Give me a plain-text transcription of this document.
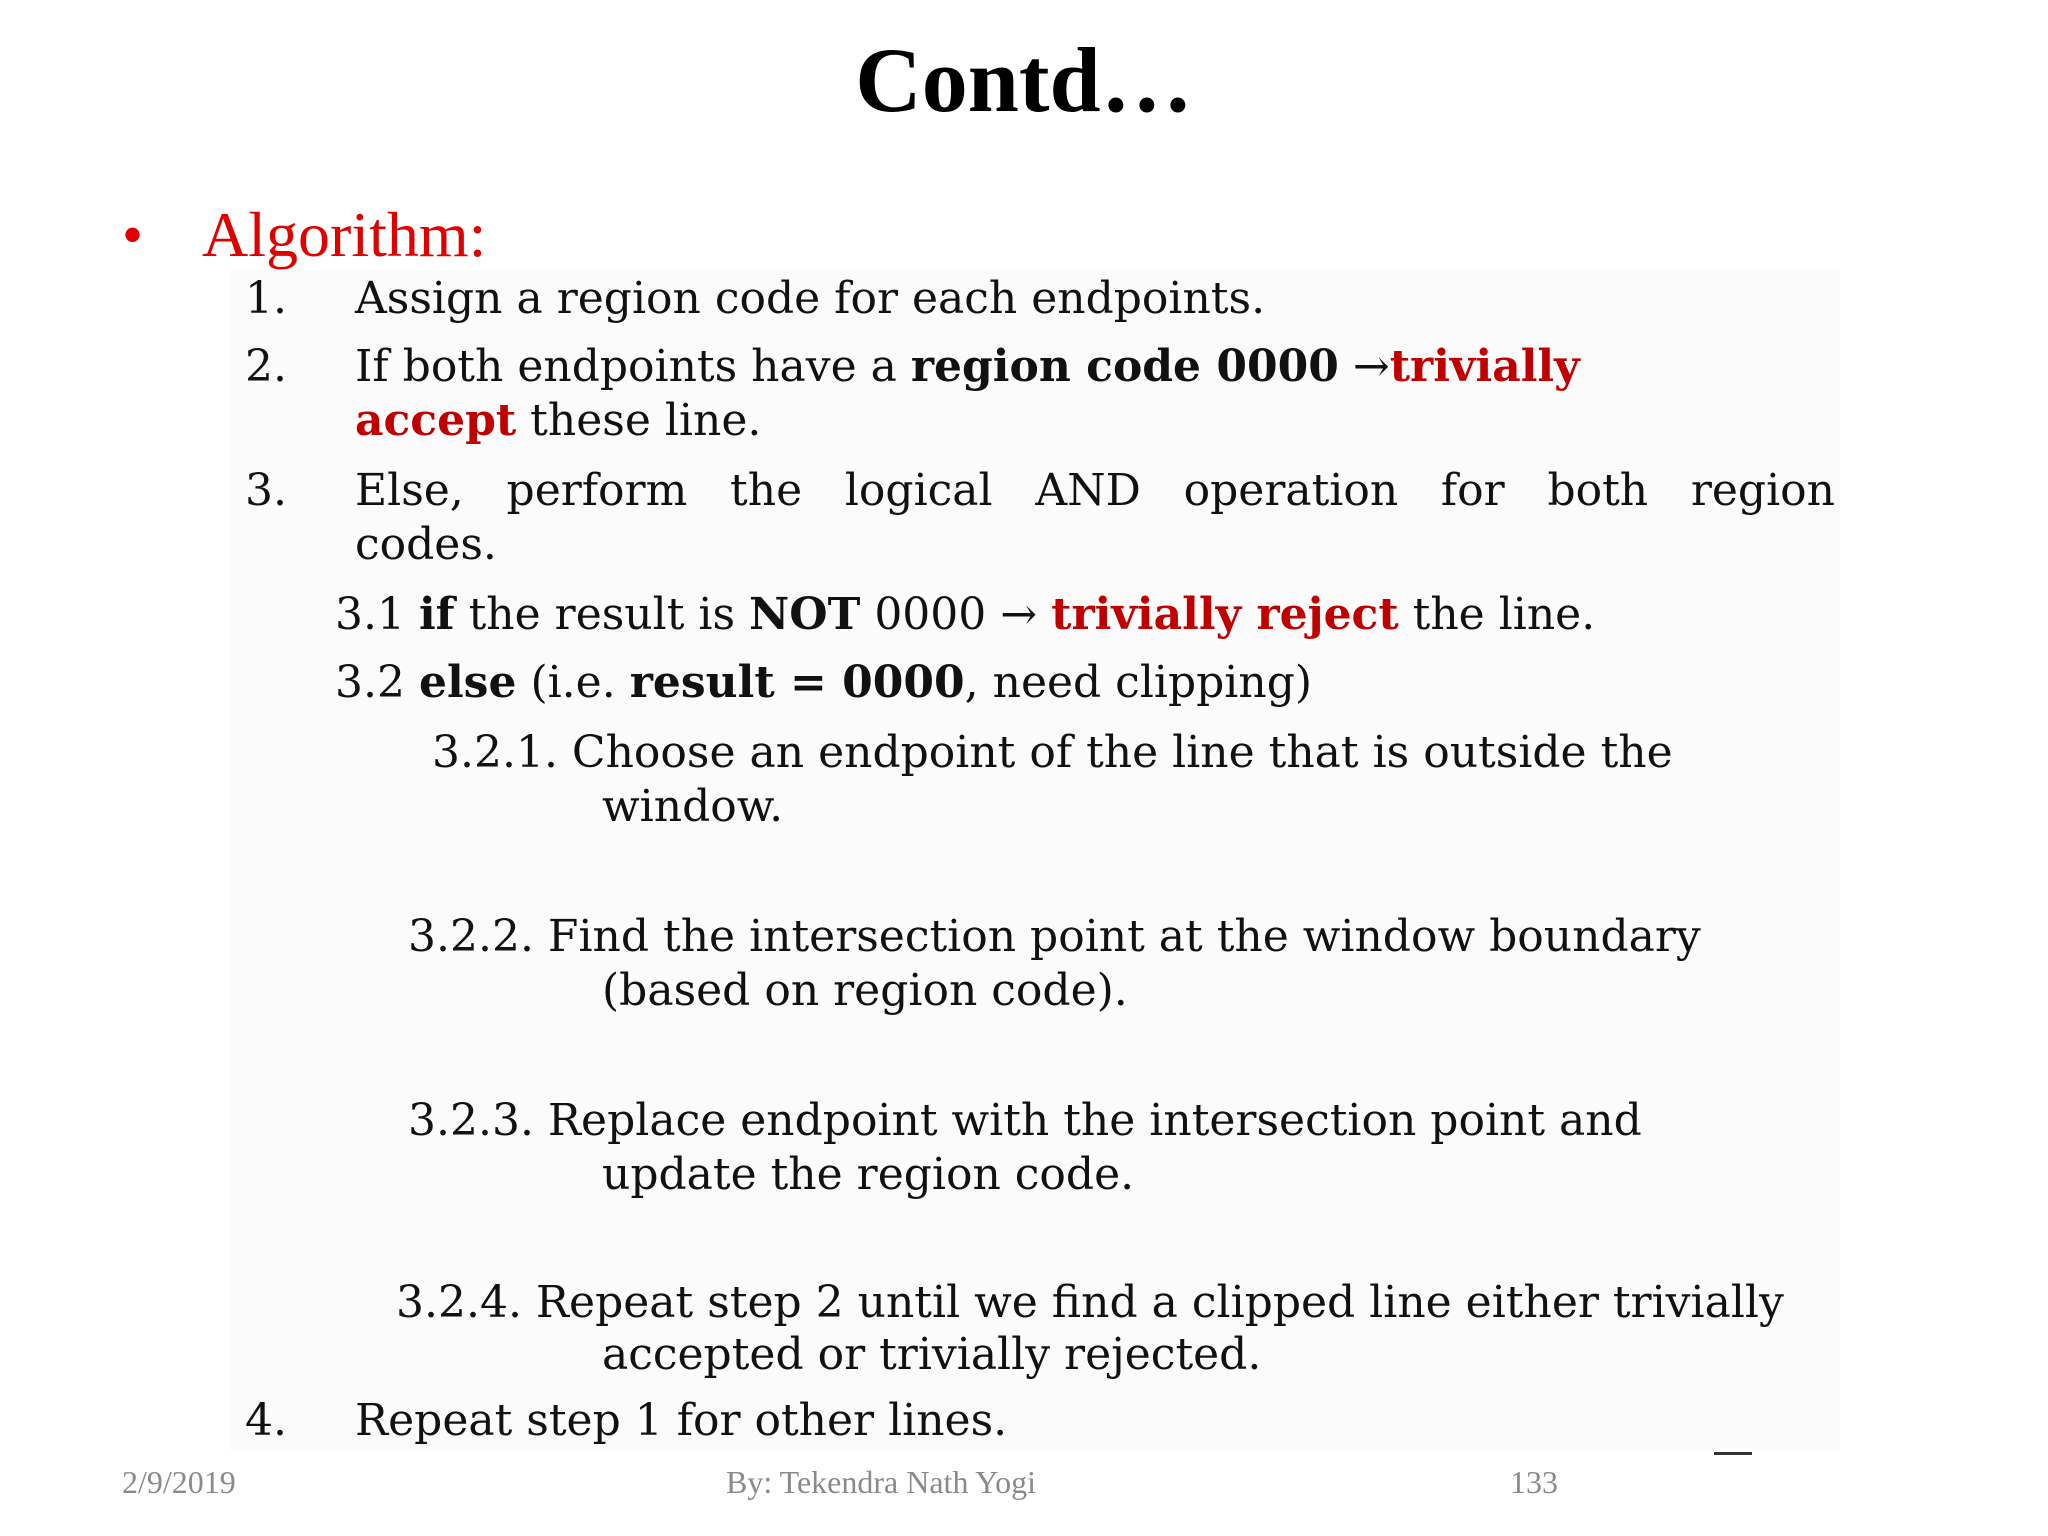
Contd…
• Algorithm:
1. Assign a region code for each endpoints.
2. If both endpoints have a region code 0000 →trivially
accept these line.
3. Else, perform the logical AND operation for both region
codes.
3.1 if the result is NOT 0000 → trivially reject the line.
3.2 else (i.e. result = 0000, need clipping)
3.2.1. Choose an endpoint of the line that is outside the
window.
3.2.2. Find the intersection point at the window boundary
(based on region code).
3.2.3. Replace endpoint with the intersection point and
update the region code.
3.2.4. Repeat step 2 until we find a clipped line either trivially
accepted or trivially rejected.
4. Repeat step 1 for other lines.
2/9/2019	By: Tekendra Nath Yogi	133
